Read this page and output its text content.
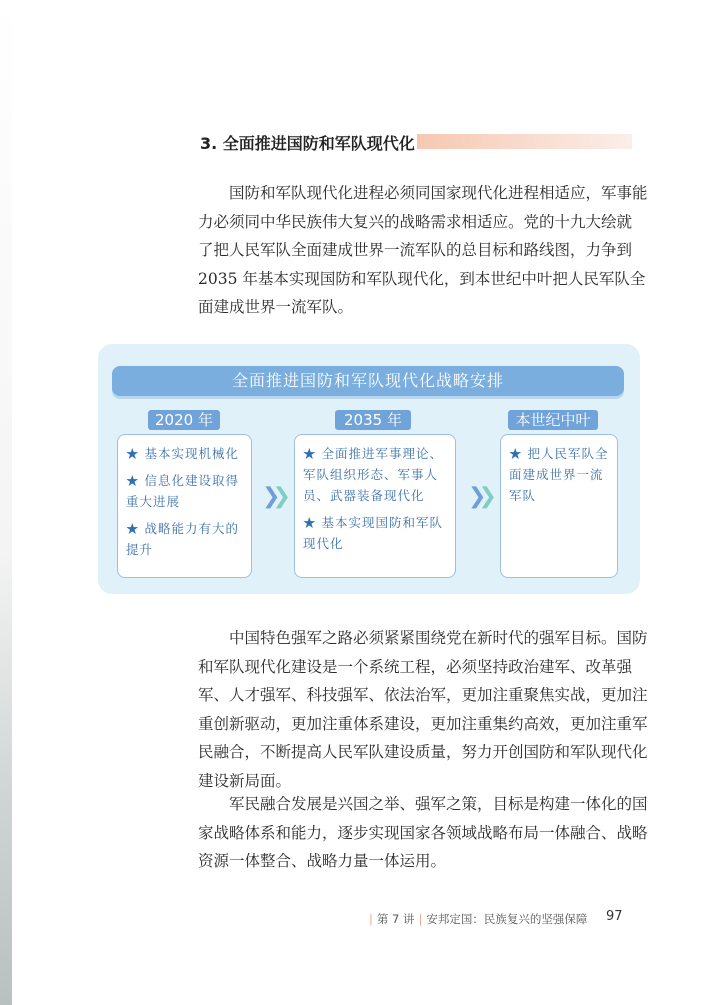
3. 全面推进国防和军队现代化
国防和军队现代化进程必须同国家现代化进程相适应，军事能
力必须同中华民族伟大复兴的战略需求相适应。党的十九大绘就
了把人民军队全面建成世界一流军队的总目标和路线图，力争到
2035 年基本实现国防和军队现代化，到本世纪中叶把人民军队全
面建成世界一流军队。
全面推进国防和军队现代化战略安排
2020 年	2035 年	本世纪中叶

★ 基本实现机械化

★ 信息化建设取得重大进展

★ 战略能力有大的提升

❯❯

★ 全面推进军事理论、军队组织形态、军事人员、武器装备现代化

★ 基本实现国防和军队现代化

❯❯

★ 把人民军队全面建成世界一流军队

中国特色强军之路必须紧紧围绕党在新时代的强军目标。国防
和军队现代化建设是一个系统工程，必须坚持政治建军、改革强
军、人才强军、科技强军、依法治军，更加注重聚焦实战，更加注
重创新驱动，更加注重体系建设，更加注重集约高效，更加注重军
民融合，不断提高人民军队建设质量，努力开创国防和军队现代化
建设新局面。
军民融合发展是兴国之举、强军之策，目标是构建一体化的国
家战略体系和能力，逐步实现国家各领域战略布局一体融合、战略
资源一体整合、战略力量一体运用。
| 第 7 讲 | 安邦定国：民族复兴的坚强保障 97
